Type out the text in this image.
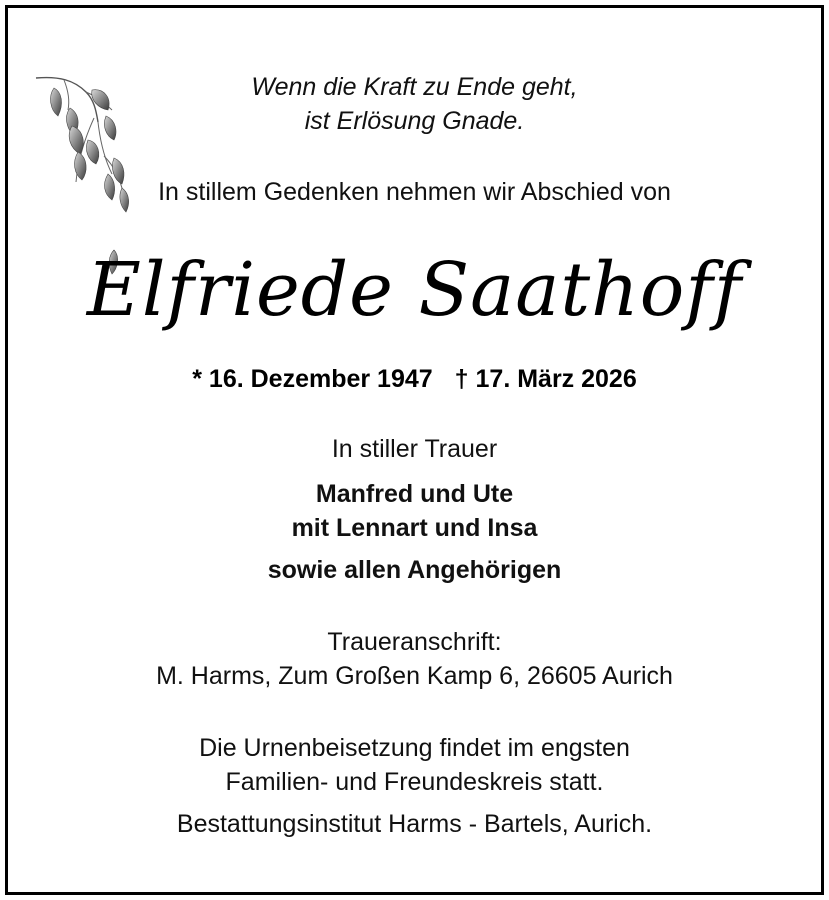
Wenn die Kraft zu Ende geht,
ist Erlösung Gnade.
In stillem Gedenken nehmen wir Abschied von
Elfriede Saathoff
* 16. Dezember 1947 † 17. März 2026
In stiller Trauer
Manfred und Ute
mit Lennart und Insa
sowie allen Angehörigen
Traueranschrift:
M. Harms, Zum Großen Kamp 6, 26605 Aurich
Die Urnenbeisetzung findet im engsten
Familien- und Freundeskreis statt.
Bestattungsinstitut Harms - Bartels, Aurich.
